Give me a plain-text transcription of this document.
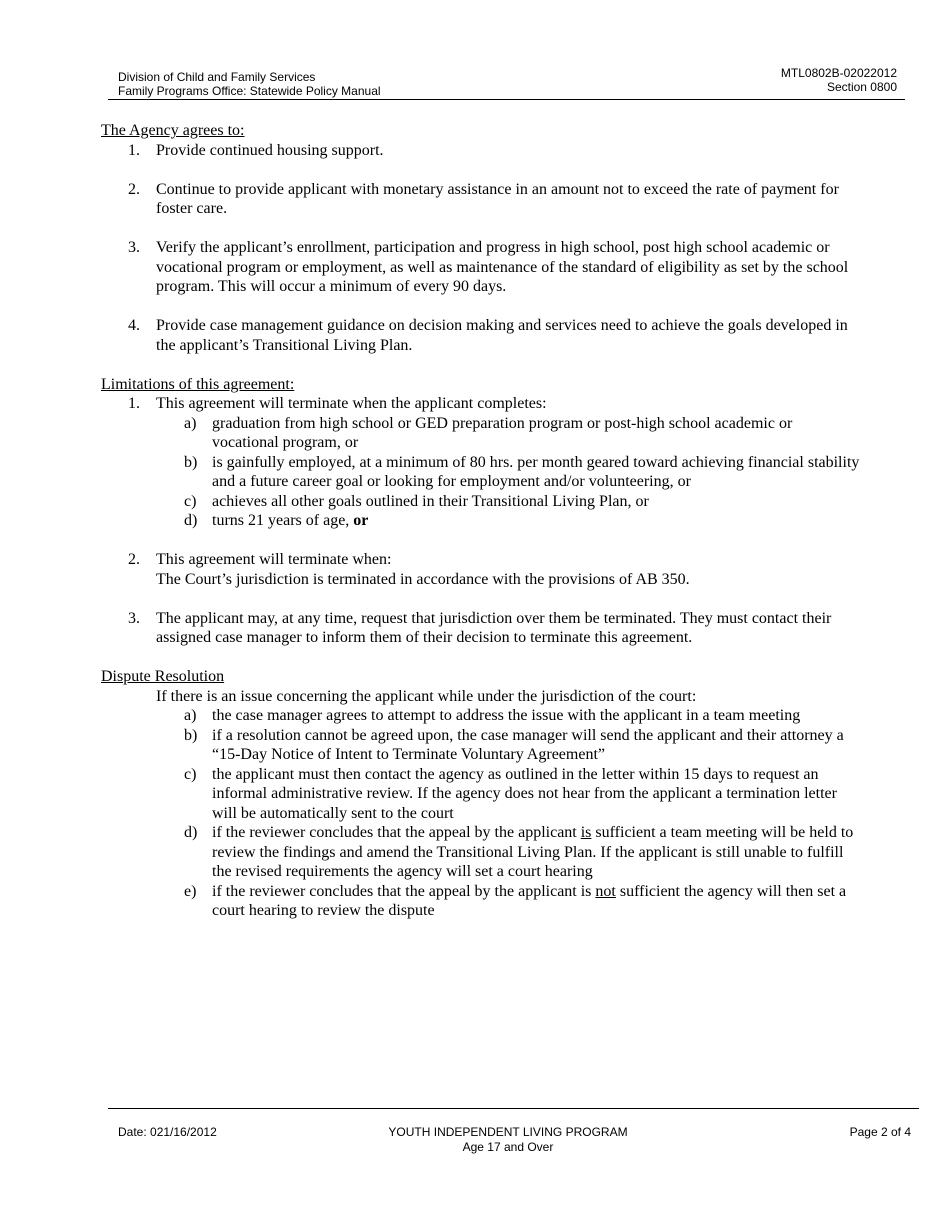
Division of Child and Family Services
Family Programs Office: Statewide Policy Manual
MTL0802B-02022012
Section 0800

The Agency agrees to:

1. Provide continued housing support.
2. Continue to provide applicant with monetary assistance in an amount not to exceed the rate of payment for foster care.
3. Verify the applicant’s enrollment, participation and progress in high school, post high school academic or vocational program or employment, as well as maintenance of the standard of eligibility as set by the school program. This will occur a minimum of every 90 days.
4. Provide case management guidance on decision making and services need to achieve the goals developed in the applicant’s Transitional Living Plan.

Limitations of this agreement:

1. This agreement will terminate when the applicant completes:
a) graduation from high school or GED preparation program or post-high school academic or vocational program, or
b) is gainfully employed, at a minimum of 80 hrs. per month geared toward achieving financial stability and a future career goal or looking for employment and/or volunteering, or
c) achieves all other goals outlined in their Transitional Living Plan, or
d) turns 21 years of age, or
2. This agreement will terminate when:
The Court’s jurisdiction is terminated in accordance with the provisions of AB 350.
3. The applicant may, at any time, request that jurisdiction over them be terminated. They must contact their assigned case manager to inform them of their decision to terminate this agreement.

Dispute Resolution

If there is an issue concerning the applicant while under the jurisdiction of the court:

a) the case manager agrees to attempt to address the issue with the applicant in a team meeting
b) if a resolution cannot be agreed upon, the case manager will send the applicant and their attorney a “15-Day Notice of Intent to Terminate Voluntary Agreement”
c) the applicant must then contact the agency as outlined in the letter within 15 days to request an informal administrative review. If the agency does not hear from the applicant a termination letter will be automatically sent to the court
d) if the reviewer concludes that the appeal by the applicant is sufficient a team meeting will be held to review the findings and amend the Transitional Living Plan. If the applicant is still unable to fulfill the revised requirements the agency will set a court hearing
e) if the reviewer concludes that the appeal by the applicant is not sufficient the agency will then set a court hearing to review the dispute
Date: 021/16/2012	YOUTH INDEPENDENT LIVING PROGRAM
Age 17 and Over
Page 2 of 4
